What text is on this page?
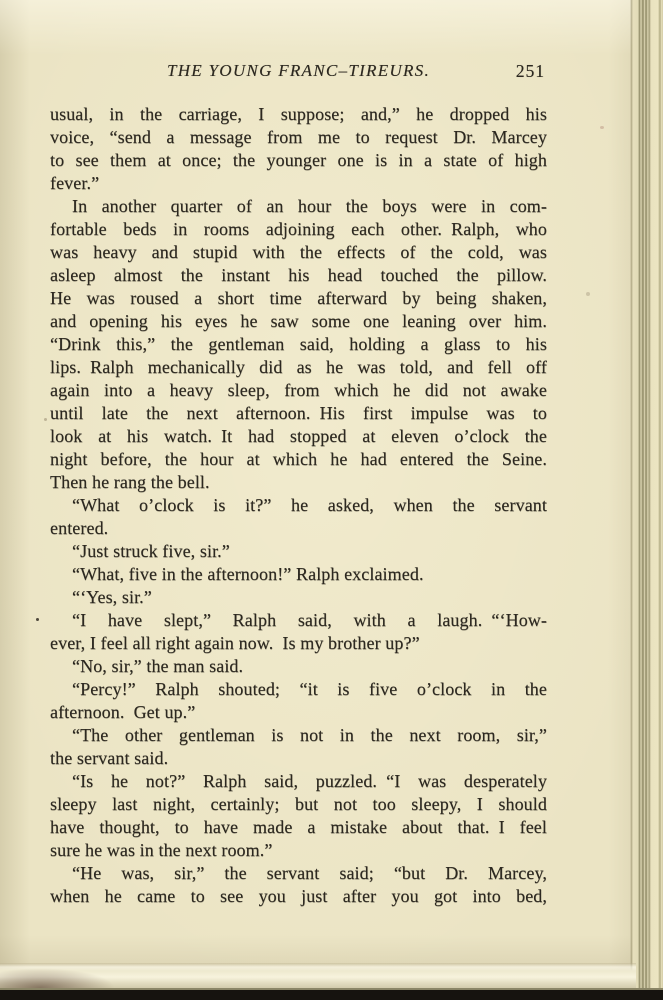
THE YOUNG FRANC–TIREURS.	251
usual, in the carriage, I suppose; and,” he dropped his
voice, “send a message from me to request Dr. Marcey
to see them at once; the younger one is in a state of high
fever.”
In another quarter of an hour the boys were in com-
fortable beds in rooms adjoining each other. Ralph, who
was heavy and stupid with the effects of the cold, was
asleep almost the instant his head touched the pillow.
He was roused a short time afterward by being shaken,
and opening his eyes he saw some one leaning over him.
“Drink this,” the gentleman said, holding a glass to his
lips. Ralph mechanically did as he was told, and fell off
again into a heavy sleep, from which he did not awake
until late the next afternoon. His first impulse was to
look at his watch. It had stopped at eleven o’clock the
night before, the hour at which he had entered the Seine.
Then he rang the bell.
“What o’clock is it?” he asked, when the servant
entered.
“Just struck five, sir.”
“What, five in the afternoon!” Ralph exclaimed.
“‘Yes, sir.”
“I have slept,” Ralph said, with a laugh. “‘How-
ever, I feel all right again now. Is my brother up?”
“No, sir,” the man said.
“Percy!” Ralph shouted; “it is five o’clock in the
afternoon. Get up.”
“The other gentleman is not in the next room, sir,”
the servant said.
“Is he not?” Ralph said, puzzled. “I was desperately
sleepy last night, certainly; but not too sleepy, I should
have thought, to have made a mistake about that. I feel
sure he was in the next room.”
“He was, sir,” the servant said; “but Dr. Marcey,
when he came to see you just after you got into bed,
